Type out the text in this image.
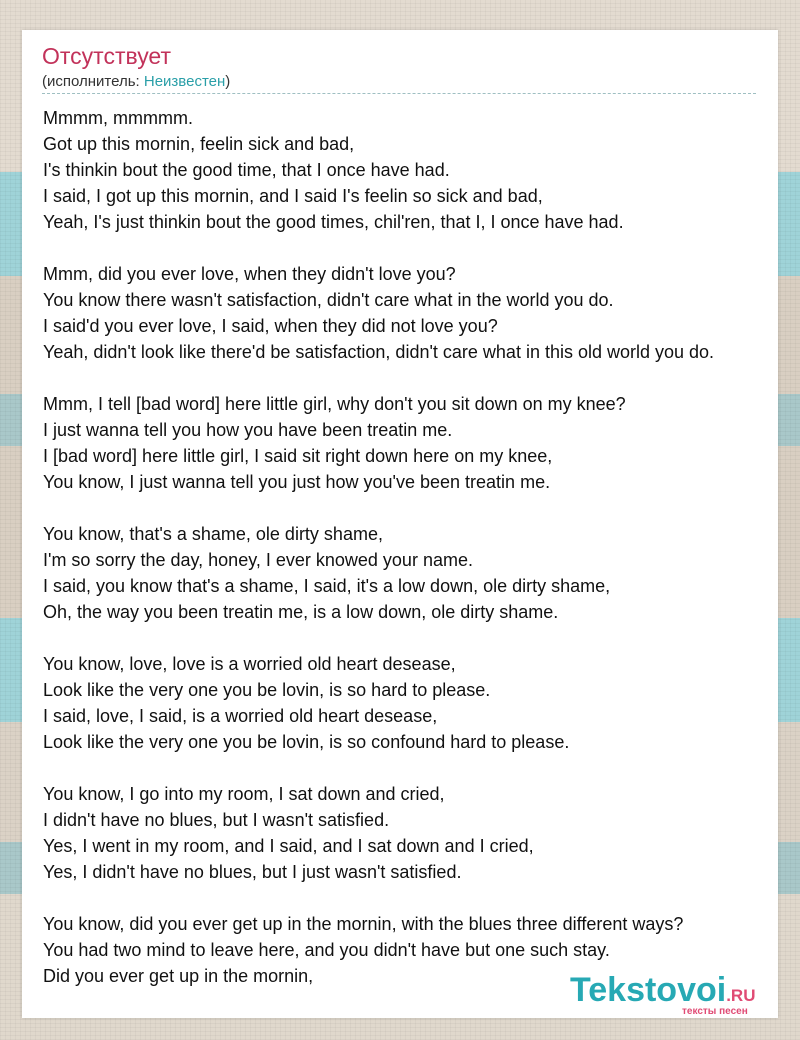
Отсутствует
(исполнитель: Неизвестен)
Mmmm, mmmmm.
Got up this mornin, feelin sick and bad,
I's thinkin bout the good time, that I once have had.
I said, I got up this mornin, and I said I's feelin so sick and bad,
Yeah, I's just thinkin bout the good times, chil'ren, that I, I once have had.
Mmm, did you ever love, when they didn't love you?
You know there wasn't satisfaction, didn't care what in the world you do.
I said'd you ever love, I said, when they did not love you?
Yeah, didn't look like there'd be satisfaction, didn't care what in this old world you do.
Mmm, I tell [bad word] here little girl, why don't you sit down on my knee?
I just wanna tell you how you have been treatin me.
I [bad word] here little girl, I said sit right down here on my knee,
You know, I just wanna tell you just how you've been treatin me.
You know, that's a shame, ole dirty shame,
I'm so sorry the day, honey, I ever knowed your name.
I said, you know that's a shame, I said, it's a low down, ole dirty shame,
Oh, the way you been treatin me, is a low down, ole dirty shame.
You know, love, love is a worried old heart desease,
Look like the very one you be lovin, is so hard to please.
I said, love, I said, is a worried old heart desease,
Look like the very one you be lovin, is so confound hard to please.
You know, I go into my room, I sat down and cried,
I didn't have no blues, but I wasn't satisfied.
Yes, I went in my room, and I said, and I sat down and I cried,
Yes, I didn't have no blues, but I just wasn't satisfied.
You know, did you ever get up in the mornin, with the blues three different ways?
You had two mind to leave here, and you didn't have but one such stay.
Did you ever get up in the mornin,	Tekstovoi.RU
тексты песен
